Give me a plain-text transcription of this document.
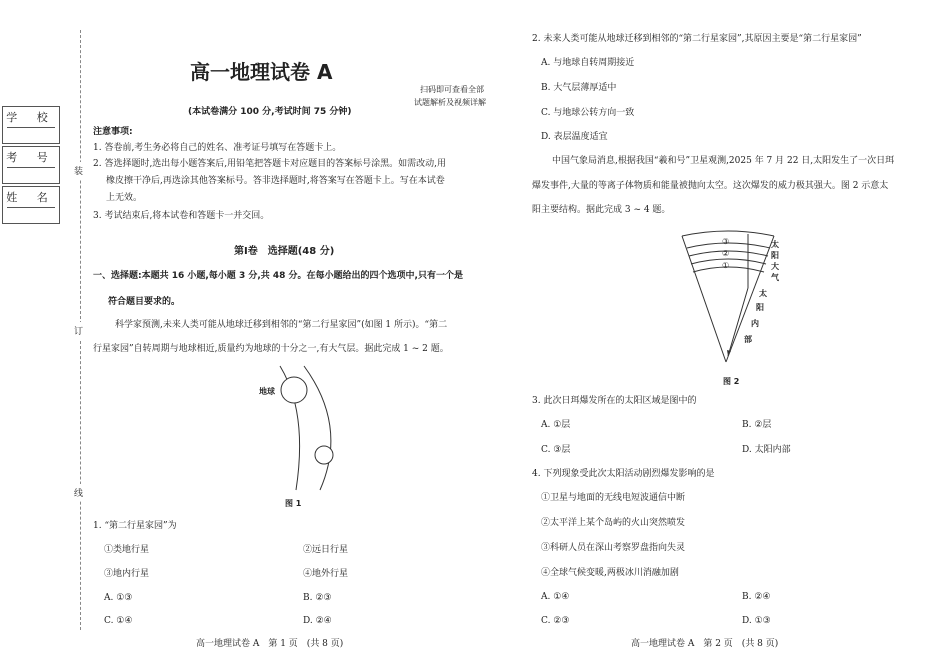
学 校
考 号
姓 名
装
订
线
高一地理试卷 A
扫码即可查看全部
试题解析及视频详解
(本试卷满分 100 分,考试时间 75 分钟)
注意事项:
1. 答卷前,考生务必将自己的姓名、准考证号填写在答题卡上。
2. 答选择题时,选出每小题答案后,用铅笔把答题卡对应题目的答案标号涂黑。如需改动,用
橡皮擦干净后,再选涂其他答案标号。答非选择题时,将答案写在答题卡上。写在本试卷
上无效。
3. 考试结束后,将本试卷和答题卡一并交回。
第Ⅰ卷　选择题(48 分)
一、选择题:本题共 16 小题,每小题 3 分,共 48 分。在每小题给出的四个选项中,只有一个是
符合题目要求的。
科学家预测,未来人类可能从地球迁移到相邻的“第二行星家园”(如图 1 所示)。“第二
行星家园”自转周期与地球相近,质量约为地球的十分之一,有大气层。据此完成 1 ~ 2 题。
地球
图 1
1. “第二行星家园”为
①类地行星	②远日行星
③地内行星	④地外行星
A. ①③	B. ②③
C. ①④	D. ②④
高一地理试卷 A　第 1 页　(共 8 页)
2. 未来人类可能从地球迁移到相邻的“第二行星家园”,其原因主要是“第二行星家园”
A. 与地球自转周期接近
B. 大气层薄厚适中
C. 与地球公转方向一致
D. 表层温度适宜
中国气象局消息,根据我国“羲和号”卫星观测,2025 年 7 月 22 日,太阳发生了一次日珥
爆发事件,大量的等离子体物质和能量被抛向太空。这次爆发的威力极其强大。图 2 示意太
阳主要结构。据此完成 3 ~ 4 题。
③
②
①
太
阳
大
气
太
阳
内
部
图 2
3. 此次日珥爆发所在的太阳区域是图中的
A. ①层	B. ②层
C. ③层	D. 太阳内部
4. 下列现象受此次太阳活动剧烈爆发影响的是
①卫星与地面的无线电短波通信中断
②太平洋上某个岛屿的火山突然喷发
③科研人员在深山考察罗盘指向失灵
④全球气候变暖,两极冰川消融加剧
A. ①④	B. ②④
C. ②③	D. ①③
高一地理试卷 A　第 2 页　(共 8 页)
